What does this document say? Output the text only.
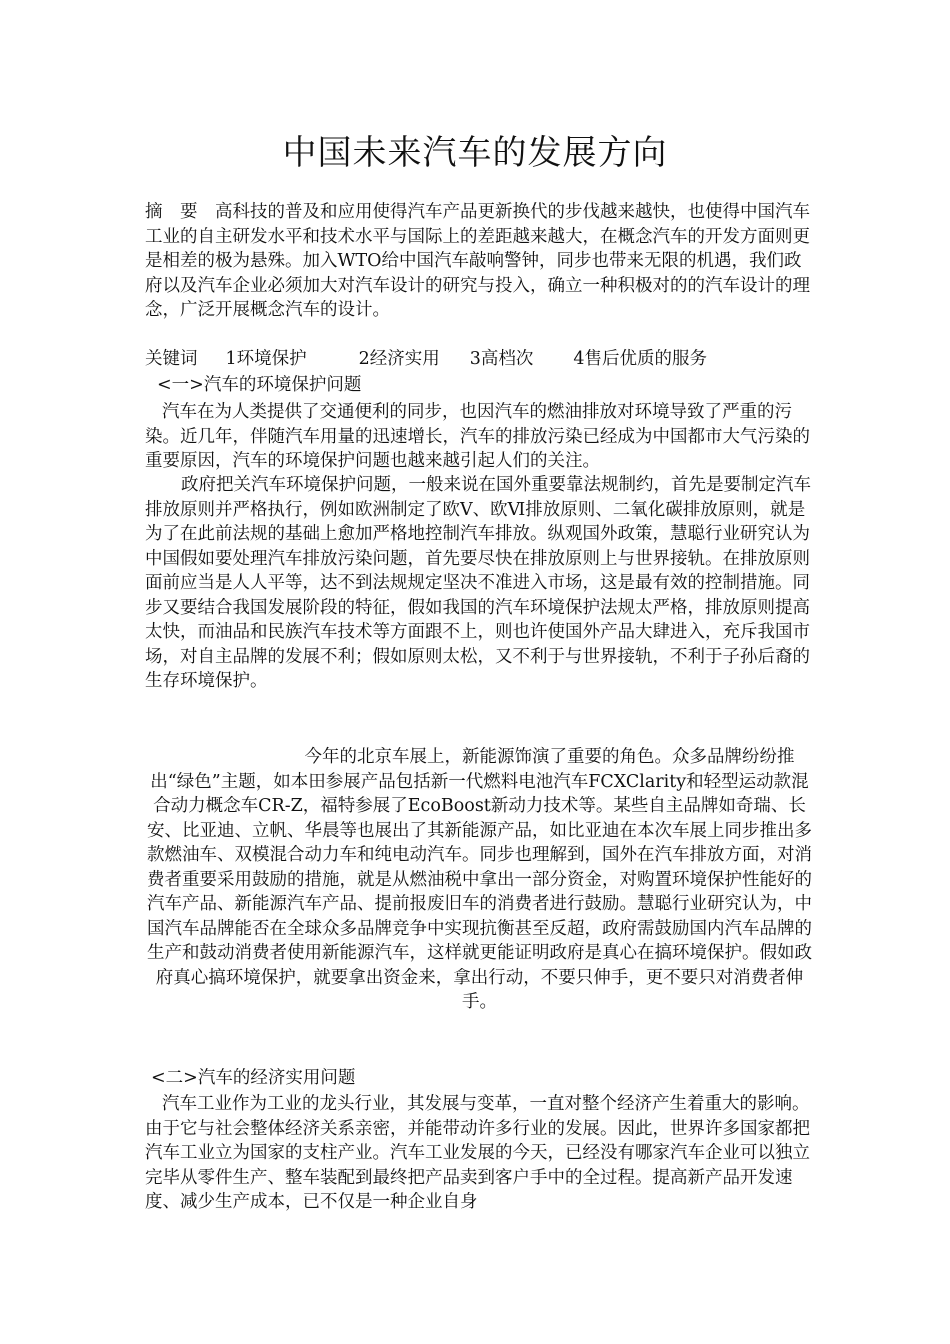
中国未来汽车的发展方向

摘　要　高科技的普及和应用使得汽车产品更新换代的步伐越来越快，也使得中国汽车工业的自主研发水平和技术水平与国际上的差距越来越大，在概念汽车的开发方面则更是相差的极为悬殊。加入WTO给中国汽车敲响警钟，同步也带来无限的机遇，我们政府以及汽车企业必须加大对汽车设计的研究与投入，确立一种积极对的的汽车设计的理念，广泛开展概念汽车的设计。

关键词 1环境保护	2经济实用 3高档次 4售后优质的服务
<一>汽车的环境保护问题

汽车在为人类提供了交通便利的同步，也因汽车的燃油排放对环境导致了严重的污染。近几年，伴随汽车用量的迅速增长，汽车的排放污染已经成为中国都市大气污染的重要原因，汽车的环境保护问题也越来越引起人们的关注。

政府把关汽车环境保护问题，一般来说在国外重要靠法规制约，首先是要制定汽车排放原则并严格执行，例如欧洲制定了欧Ⅴ、欧Ⅵ排放原则、二氧化碳排放原则，就是为了在此前法规的基础上愈加严格地控制汽车排放。纵观国外政策，慧聪行业研究认为中国假如要处理汽车排放污染问题，首先要尽快在排放原则上与世界接轨。在排放原则面前应当是人人平等，达不到法规规定坚决不准进入市场，这是最有效的控制措施。同步又要结合我国发展阶段的特征，假如我国的汽车环境保护法规太严格，排放原则提高太快，而油品和民族汽车技术等方面跟不上，则也许使国外产品大肆进入，充斥我国市场，对自主品牌的发展不利；假如原则太松，又不利于与世界接轨，不利于子孙后裔的生存环境保护。

今年的北京车展上，新能源饰演了重要的角色。众多品牌纷纷推出“绿色”主题，如本田参展产品包括新一代燃料电池汽车FCXClarity和轻型运动款混合动力概念车CR-Z，福特参展了EcoBoost新动力技术等。某些自主品牌如奇瑞、长安、比亚迪、立帆、华晨等也展出了其新能源产品，如比亚迪在本次车展上同步推出多款燃油车、双模混合动力车和纯电动汽车。同步也理解到，国外在汽车排放方面，对消费者重要采用鼓励的措施，就是从燃油税中拿出一部分资金，对购置环境保护性能好的汽车产品、新能源汽车产品、提前报废旧车的消费者进行鼓励。慧聪行业研究认为，中国汽车品牌能否在全球众多品牌竞争中实现抗衡甚至反超，政府需鼓励国内汽车品牌的生产和鼓动消费者使用新能源汽车，这样就更能证明政府是真心在搞环境保护。假如政府真心搞环境保护，就要拿出资金来，拿出行动，不要只伸手，更不要只对消费者伸手。

<二>汽车的经济实用问题

汽车工业作为工业的龙头行业，其发展与变革，一直对整个经济产生着重大的影响。由于它与社会整体经济关系亲密，并能带动许多行业的发展。因此，世界许多国家都把汽车工业立为国家的支柱产业。汽车工业发展的今天，已经没有哪家汽车企业可以独立完毕从零件生产、整车装配到最终把产品卖到客户手中的全过程。提高新产品开发速度、减少生产成本，已不仅是一种企业自身
